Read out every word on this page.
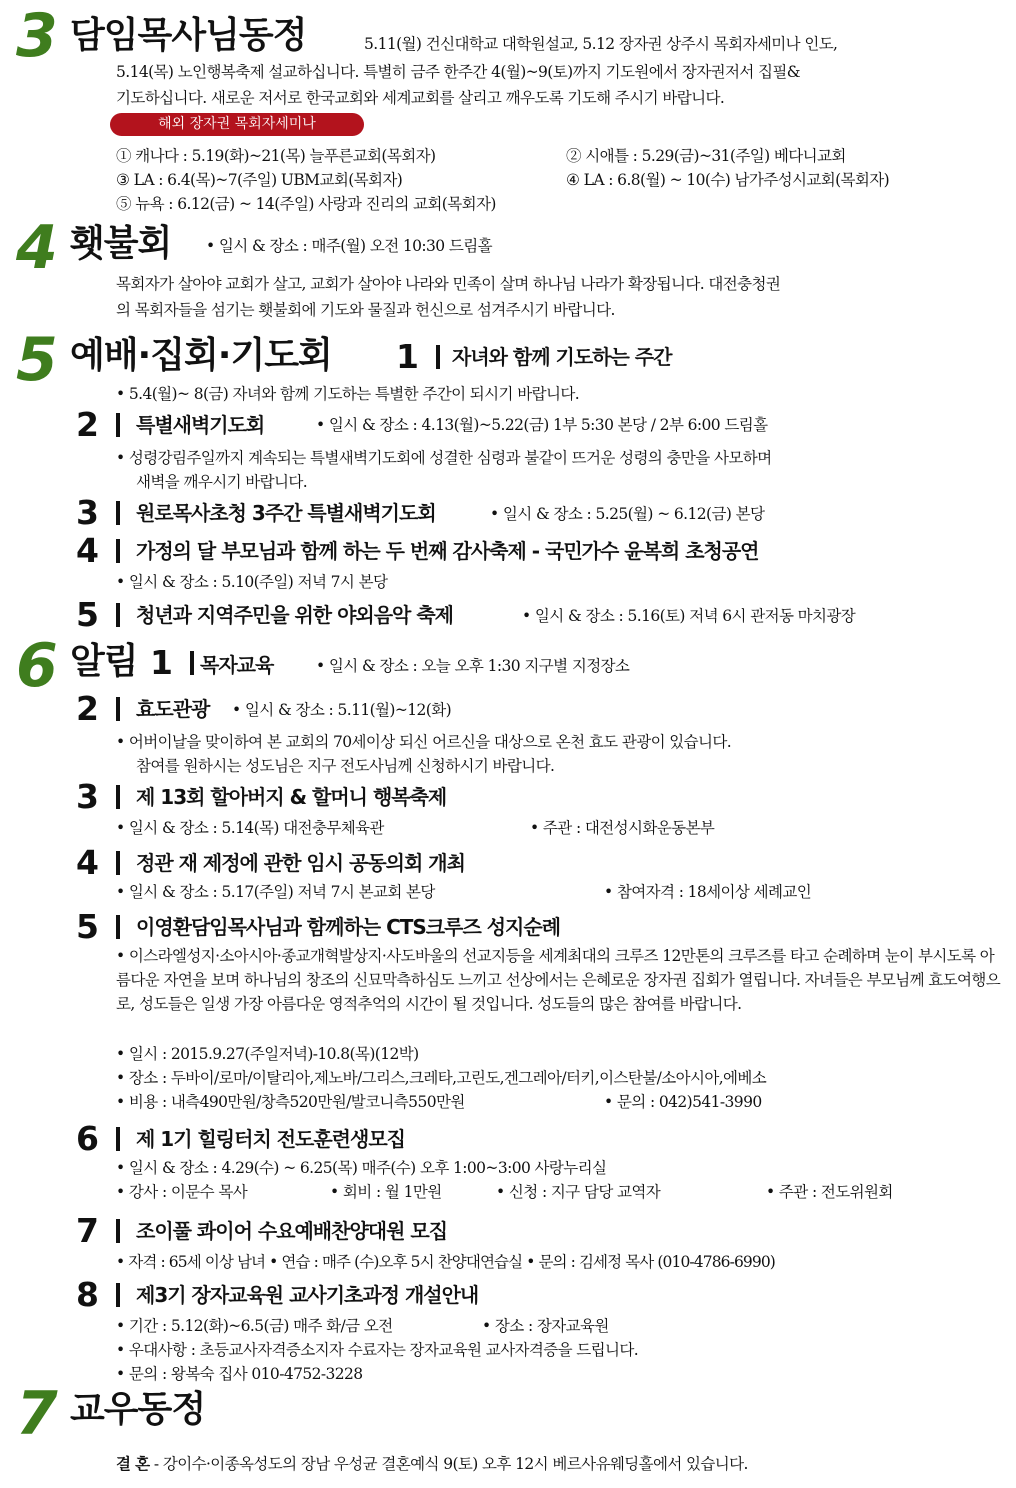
3 담임목사님동정	5.11(월) 건신대학교 대학원설교, 5.12 장자권 상주시 목회자세미나 인도,
5.14(목) 노인행복축제 설교하십니다. 특별히 금주 한주간 4(월)~9(토)까지 기도원에서 장자권저서 집필&
기도하십니다. 새로운 저서로 한국교회와 세계교회를 살리고 깨우도록 기도해 주시기 바랍니다.
해외 장자권 목회자세미나
① 캐나다 : 5.19(화)~21(목) 늘푸른교회(목회자)	② 시애틀 : 5.29(금)~31(주일) 베다니교회
③ LA : 6.4(목)~7(주일) UBM교회(목회자)	④ LA : 6.8(월) ~ 10(수) 남가주성시교회(목회자)
⑤ 뉴욕 : 6.12(금) ~ 14(주일) 사랑과 진리의 교회(목회자)
4 횃불회 • 일시 & 장소 : 매주(월) 오전 10:30 드림홀
목회자가 살아야 교회가 살고, 교회가 살아야 나라와 민족이 살며 하나님 나라가 확장됩니다. 대전충청권
의 목회자들을 섬기는 횃불회에 기도와 물질과 헌신으로 섬겨주시기 바랍니다.
5 예배·집회·기도회 1 자녀와 함께 기도하는 주간
• 5.4(월)~ 8(금) 자녀와 함께 기도하는 특별한 주간이 되시기 바랍니다.
2 특별새벽기도회	• 일시 & 장소 : 4.13(월)~5.22(금) 1부 5:30 본당 / 2부 6:00 드림홀
• 성령강림주일까지 계속되는 특별새벽기도회에 성결한 심령과 불같이 뜨거운 성령의 충만을 사모하며
새벽을 깨우시기 바랍니다.
3 원로목사초청 3주간 특별새벽기도회	• 일시 & 장소 : 5.25(월) ~ 6.12(금) 본당
4 가정의 달 부모님과 함께 하는 두 번째 감사축제 - 국민가수 윤복희 초청공연
• 일시 & 장소 : 5.10(주일) 저녁 7시 본당
5 청년과 지역주민을 위한 야외음악 축제	• 일시 & 장소 : 5.16(토) 저녁 6시 관저동 마치광장
6 알림 1 목자교육	• 일시 & 장소 : 오늘 오후 1:30 지구별 지정장소
2 효도관광 • 일시 & 장소 : 5.11(월)~12(화)
• 어버이날을 맞이하여 본 교회의 70세이상 되신 어르신을 대상으로 온천 효도 관광이 있습니다.
참여를 원하시는 성도님은 지구 전도사님께 신청하시기 바랍니다.
3 제 13회 할아버지 & 할머니 행복축제
• 일시 & 장소 : 5.14(목) 대전충무체육관	• 주관 : 대전성시화운동본부
4 정관 재 제정에 관한 임시 공동의회 개최
• 일시 & 장소 : 5.17(주일) 저녁 7시 본교회 본당	• 참여자격 : 18세이상 세례교인
5 이영환담임목사님과 함께하는 CTS크루즈 성지순례
• 이스라엘성지·소아시아·종교개혁발상지·사도바울의 선교지등을 세계최대의 크루즈 12만톤의 크루즈를 타고 순례하며 눈이 부시도록 아름다운 자연을 보며 하나님의 창조의 신묘막측하심도 느끼고 선상에서는 은혜로운 장자권 집회가 열립니다. 자녀들은 부모님께 효도여행으로, 성도들은 일생 가장 아름다운 영적추억의 시간이 될 것입니다. 성도들의 많은 참여를 바랍니다.
• 일시 : 2015.9.27(주일저녁)-10.8(목)(12박)
• 장소 : 두바이/로마/이탈리아,제노바/그리스,크레타,고린도,겐그레아/터키,이스탄불/소아시아,에베소
• 비용 : 내측490만원/창측520만원/발코니측550만원	• 문의 : 042)541-3990
6 제 1기 힐링터치 전도훈련생모집
• 일시 & 장소 : 4.29(수) ~ 6.25(목) 매주(수) 오후 1:00~3:00 사랑누리실
• 강사 : 이문수 목사	• 회비 : 월 1만원	• 신청 : 지구 담당 교역자	• 주관 : 전도위원회
7 조이풀 콰이어 수요예배찬양대원 모집
• 자격 : 65세 이상 남녀 • 연습 : 매주 (수)오후 5시 찬양대연습실 • 문의 : 김세정 목사 (010-4786-6990)
8 제3기 장자교육원 교사기초과정 개설안내
• 기간 : 5.12(화)~6.5(금) 매주 화/금 오전	• 장소 : 장자교육원
• 우대사항 : 초등교사자격증소지자 수료자는 장자교육원 교사자격증을 드립니다.
• 문의 : 왕복숙 집사 010-4752-3228
7 교우동정
결 혼 - 강이수·이종옥성도의 장남 우성균 결혼예식 9(토) 오후 12시 베르사유웨딩홀에서 있습니다.
